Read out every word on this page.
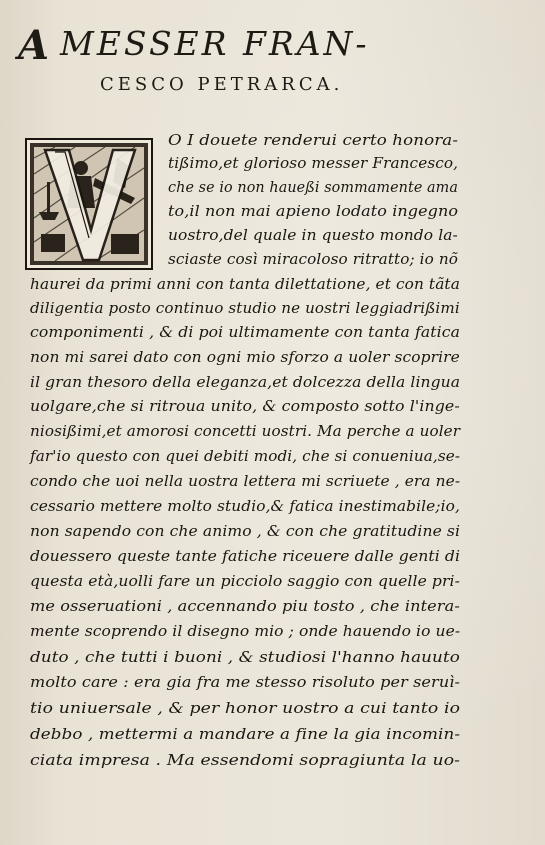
A MESSER FRAN-
CESCO PETRARCA.
V
O I douete renderui certo honora-
tißimo,et glorioso messer Francesco,
che se io non haueßi sommamente ama
to,il non mai apieno lodato ingegno
uostro,del quale in questo mondo la-
sciaste così miracoloso ritratto; io nõ
haurei da primi anni con tanta dilettatione, et con tãta
diligentia posto continuo studio ne uostri leggiadrißimi
componimenti , & di poi ultimamente con tanta fatica
non mi sarei dato con ogni mio sforzo a uoler scoprire
il gran thesoro della eleganza,et dolcezza della lingua
uolgare,che si ritroua unito, & composto sotto l'inge-
niosißimi,et amorosi concetti uostri. Ma perche a uoler
far'io questo con quei debiti modi, che si conueniua,se-
condo che uoi nella uostra lettera mi scriuete , era ne-
cessario mettere molto studio,& fatica inestimabile;io,
non sapendo con che animo , & con che gratitudine si
douessero queste tante fatiche riceuere dalle genti di
questa età,uolli fare un picciolo saggio con quelle pri-
me osseruationi , accennando piu tosto , che intera-
mente scoprendo il disegno mio ; onde hauendo io ue-
duto , che tutti i buoni , & studiosi l'hanno hauuto
molto care : era gia fra me stesso risoluto per seruì-
tio uniuersale , & per honor uostro a cui tanto io
debbo , mettermi a mandare a fine la gia incomin-
ciata impresa . Ma essendomi sopragiunta la uo-
